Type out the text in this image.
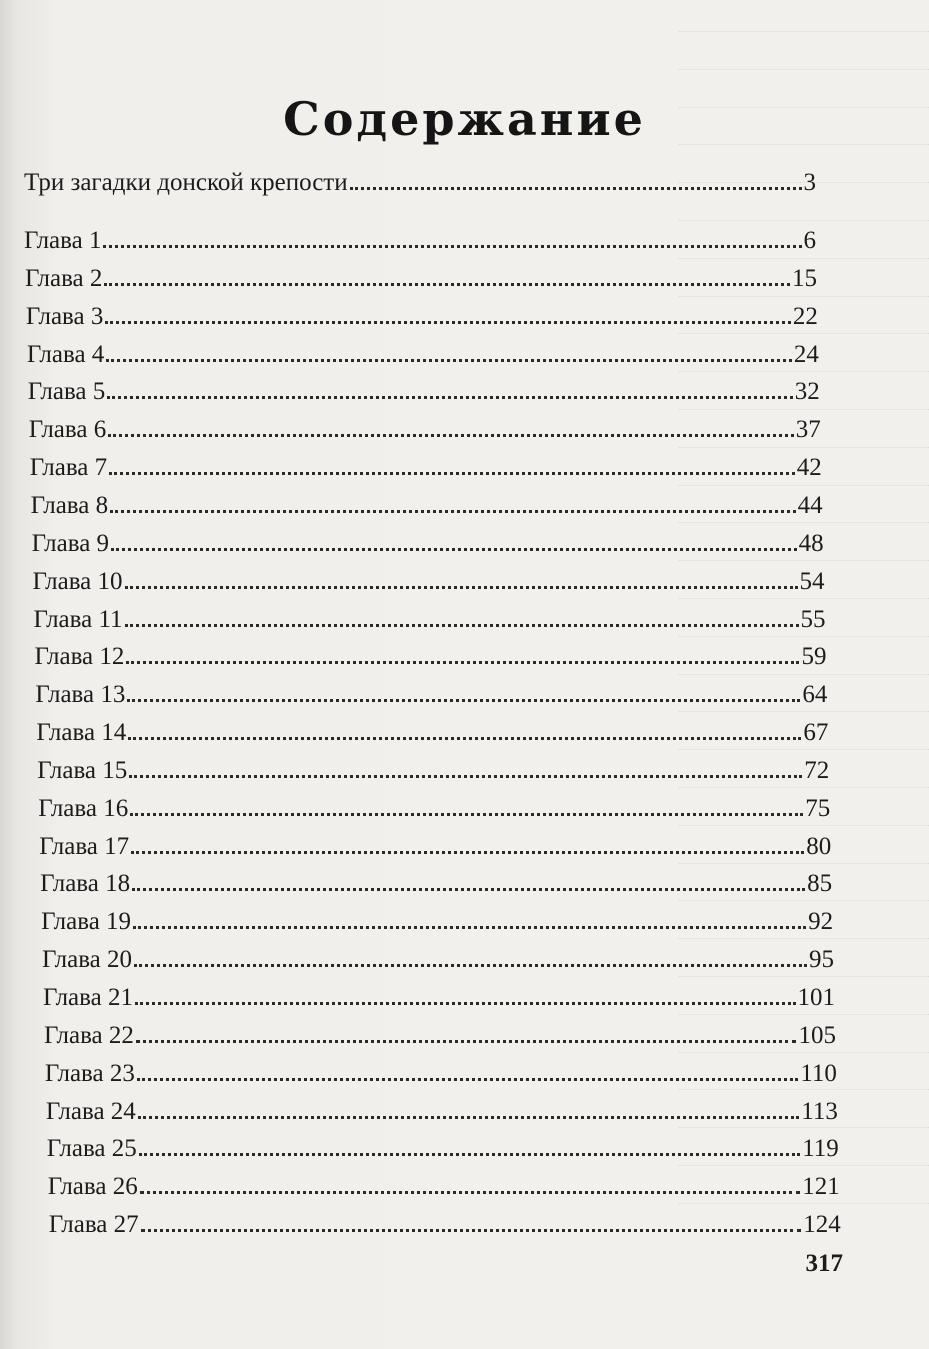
Содержание
Три загадки донской крепости	3
Глава 1	6
Глава 2	15
Глава 3	22
Глава 4	24
Глава 5	32
Глава 6	37
Глава 7	42
Глава 8	44
Глава 9	48
Глава 10	54
Глава 11	55
Глава 12	59
Глава 13	64
Глава 14	67
Глава 15	72
Глава 16	75
Глава 17	80
Глава 18	85
Глава 19	92
Глава 20	95
Глава 21	101
Глава 22	105
Глава 23	110
Глава 24	113
Глава 25	119
Глава 26	121
Глава 27	124
317
